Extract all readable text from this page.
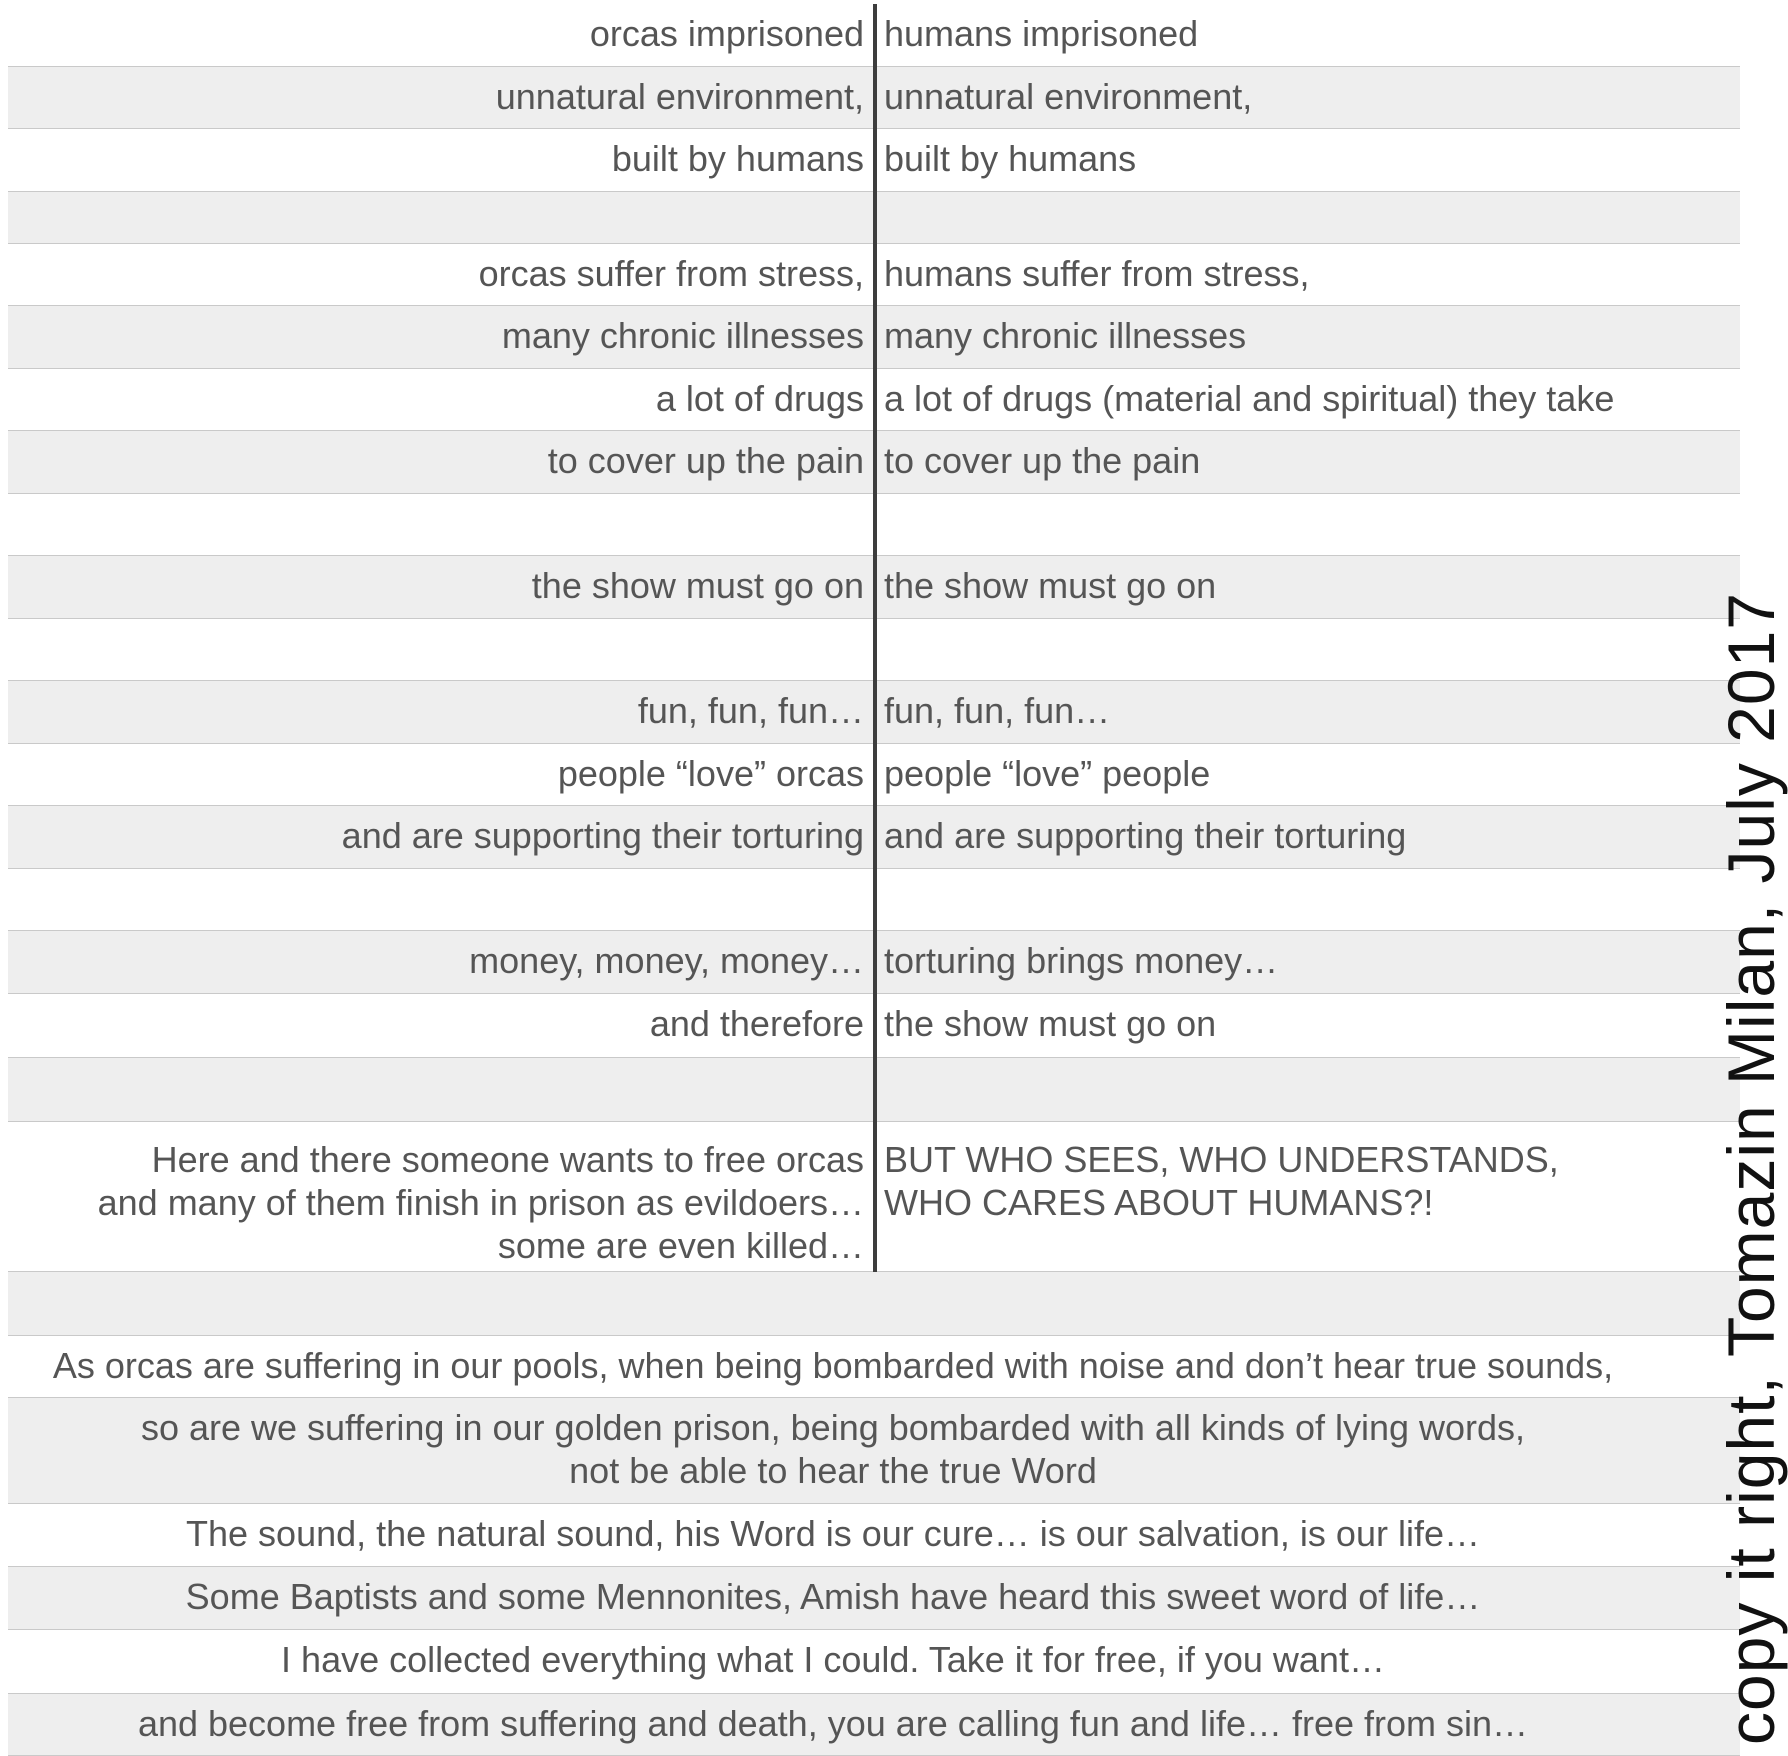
orcas imprisoned humans imprisoned
unnatural environment, unnatural environment,
built by humans built by humans
orcas suffer from stress, humans suffer from stress,
many chronic illnesses many chronic illnesses
a lot of drugs a lot of drugs (material and spiritual) they take
to cover up the pain to cover up the pain
the show must go on the show must go on
fun, fun, fun… fun, fun, fun…
people “love” orcas people “love” people
and are supporting their torturing and are supporting their torturing
money, money, money… torturing brings money…
and therefore the show must go on
Here and there someone wants to free orcas
and many of them finish in prison as evildoers…
some are even killed…
BUT WHO SEES, WHO UNDERSTANDS,
WHO CARES ABOUT HUMANS?!
As orcas are suffering in our pools, when being bombarded with noise and don’t hear true sounds,
so are we suffering in our golden prison, being bombarded with all kinds of lying words,
not be able to hear the true Word
The sound, the natural sound, his Word is our cure… is our salvation, is our life…
Some Baptists and some Mennonites, Amish have heard this sweet word of life…
I have collected everything what I could. Take it for free, if you want…
and become free from suffering and death, you are calling fun and life… free from sin…	copy it right, Tomazin Milan, July 2017
